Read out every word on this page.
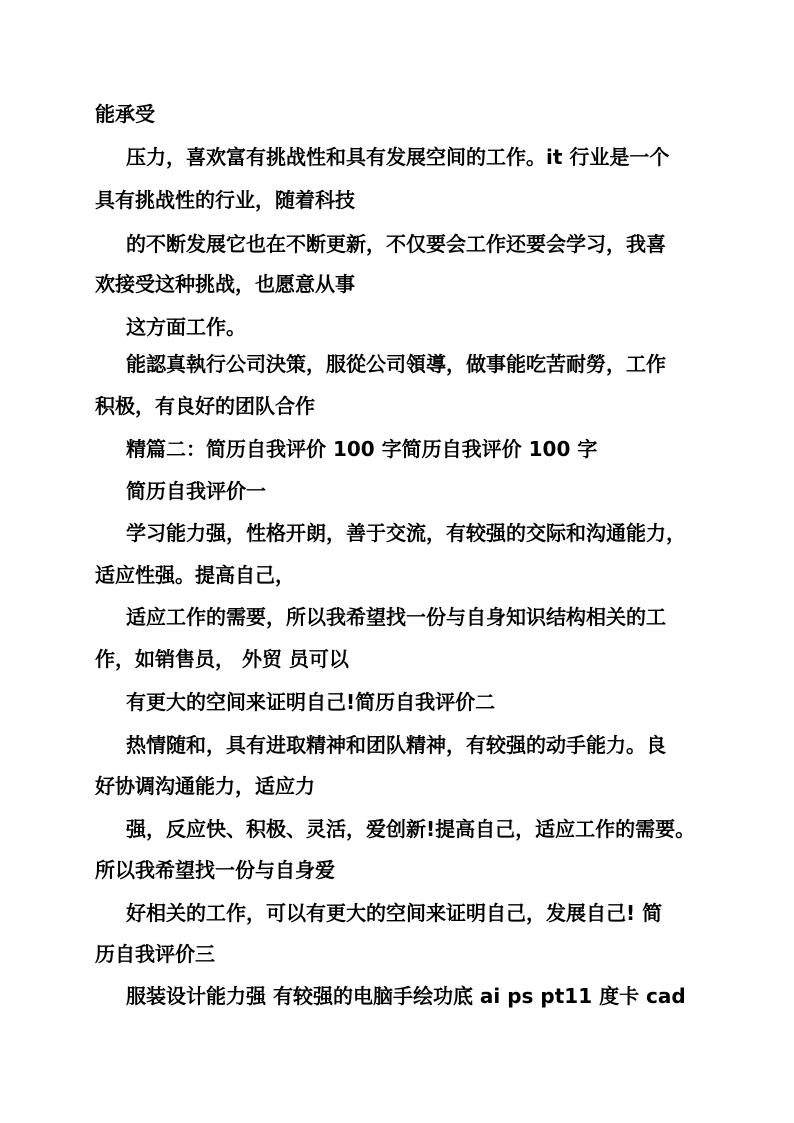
能承受
压力，喜欢富有挑战性和具有发展空间的工作。it 行业是一个
具有挑战性的行业，随着科技
的不断发展它也在不断更新，不仅要会工作还要会学习，我喜
欢接受这种挑战，也愿意从事
这方面工作。
能認真執行公司決策，服從公司領導，做事能吃苦耐勞，工作
积极，有良好的团队合作
精篇二：简历自我评价 100 字简历自我评价 100 字
简历自我评价一
学习能力强，性格开朗，善于交流，有较强的交际和沟通能力，
适应性强。提高自己，
适应工作的需要，所以我希望找一份与自身知识结构相关的工
作，如销售员， 外贸 员可以
有更大的空间来证明自己!简历自我评价二
热情随和，具有进取精神和团队精神，有较强的动手能力。良
好协调沟通能力，适应力
强，反应快、积极、灵活，爱创新!提高自己，适应工作的需要。
所以我希望找一份与自身爱
好相关的工作，可以有更大的空间来证明自己，发展自己! 简
历自我评价三
服装设计能力强 有较强的电脑手绘功底 ai ps pt11 度卡 cad
